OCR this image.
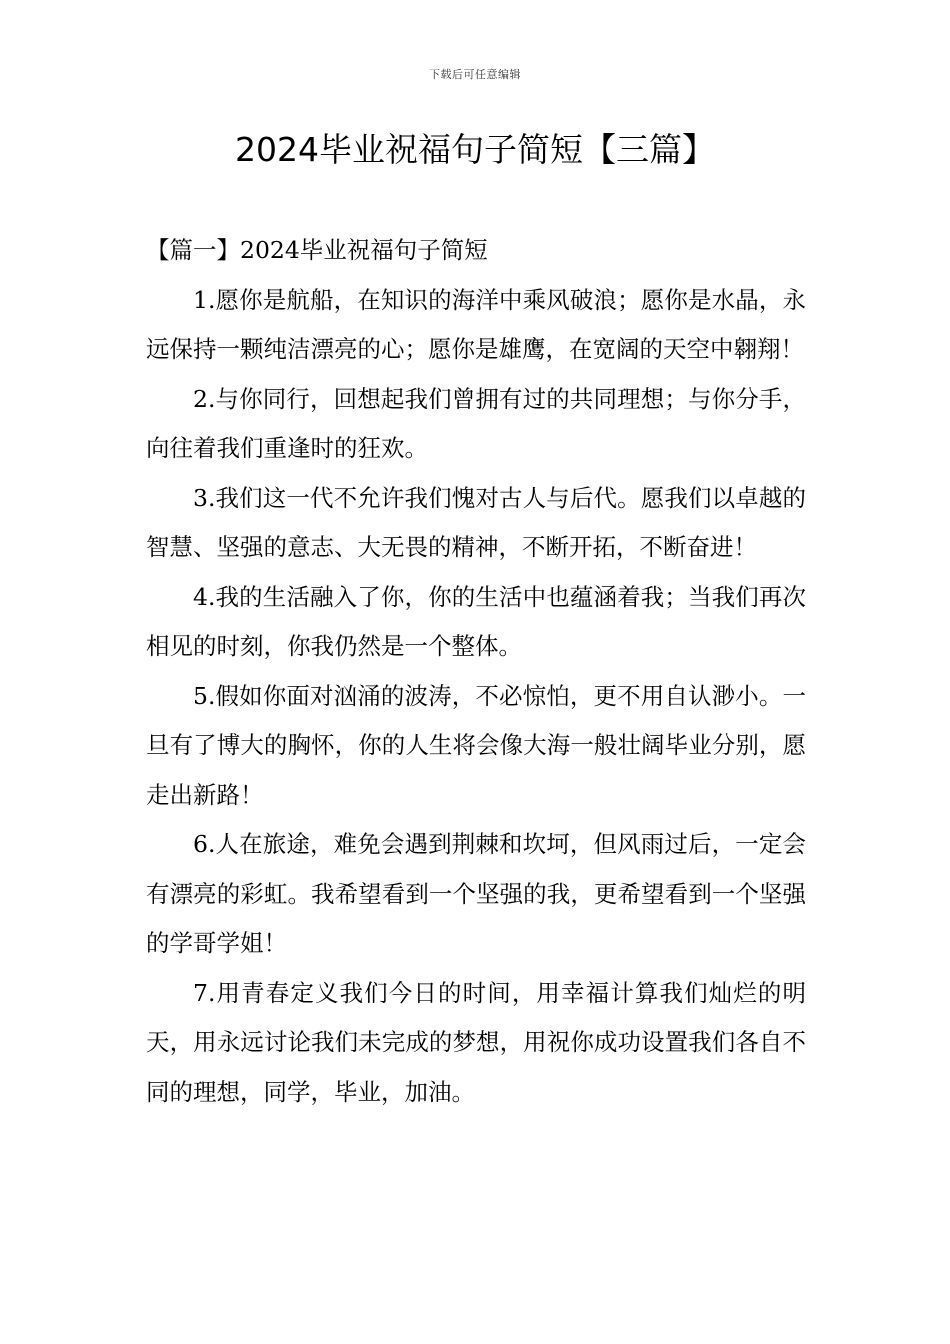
下载后可任意编辑
2024毕业祝福句子简短【三篇】

【篇一】2024毕业祝福句子简短

1.愿你是航船，在知识的海洋中乘风破浪；愿你是水晶，永远保持一颗纯洁漂亮的心；愿你是雄鹰，在宽阔的天空中翱翔！

2.与你同行，回想起我们曾拥有过的共同理想；与你分手，向往着我们重逢时的狂欢。

3.我们这一代不允许我们愧对古人与后代。愿我们以卓越的智慧、坚强的意志、大无畏的精神，不断开拓，不断奋进！

4.我的生活融入了你，你的生活中也蕴涵着我；当我们再次相见的时刻，你我仍然是一个整体。

5.假如你面对汹涌的波涛，不必惊怕，更不用自认渺小。一旦有了博大的胸怀，你的人生将会像大海一般壮阔毕业分别，愿走出新路！

6.人在旅途，难免会遇到荆棘和坎坷，但风雨过后，一定会有漂亮的彩虹。我希望看到一个坚强的我，更希望看到一个坚强的学哥学姐！

7.用青春定义我们今日的时间，用幸福计算我们灿烂的明天，用永远讨论我们未完成的梦想，用祝你成功设置我们各自不同的理想，同学，毕业，加油。
